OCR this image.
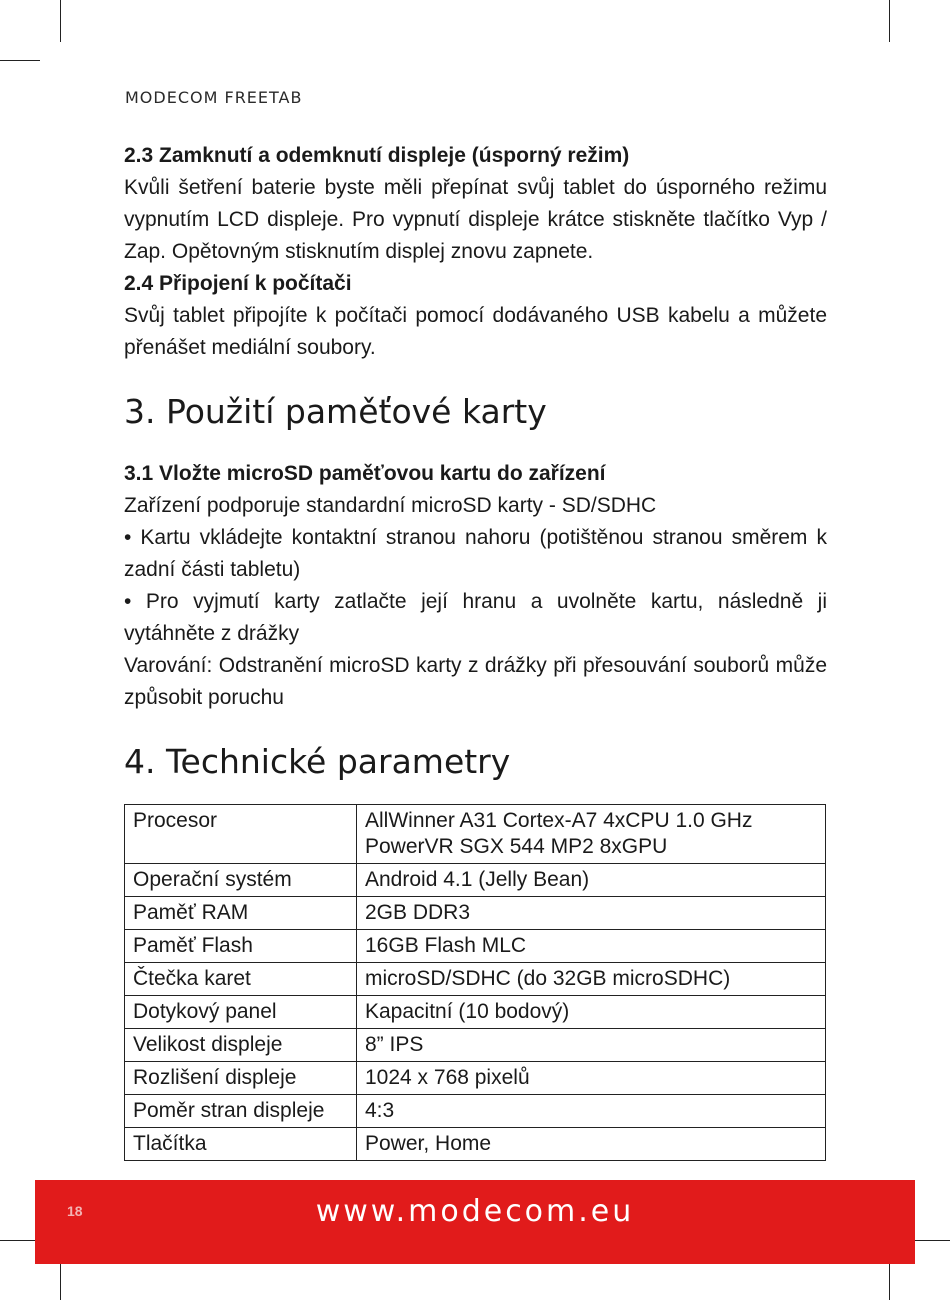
MODECOM FREETAB
2.3 Zamknutí a odemknutí displeje (úsporný režim)

Kvůli šetření baterie byste měli přepínat svůj tablet do úsporného režimu vypnutím LCD displeje. Pro vypnutí displeje krátce stiskněte tlačítko Vyp / Zap. Opětovným stisknutím displej znovu zapnete.

2.4 Připojení k počítači

Svůj tablet připojíte k počítači pomocí dodávaného USB kabelu a můžete přenášet mediální soubory.

3. Použití paměťové karty
3.1 Vložte microSD paměťovou kartu do zařízení

Zařízení podporuje standardní microSD karty - SD/SDHC

• Kartu vkládejte kontaktní stranou nahoru (potištěnou stranou směrem k zadní části tabletu)

• Pro vyjmutí karty zatlačte její hranu a uvolněte kartu, následně ji vytáhněte z drážky

Varování: Odstranění microSD karty z drážky při přesouvání souborů může způsobit poruchu

4. Technické parametry
Procesor	AllWinner A31 Cortex-A7 4xCPU 1.0 GHz
PowerVR SGX 544 MP2 8xGPU
Operační systém	Android 4.1 (Jelly Bean)
Paměť RAM	2GB DDR3
Paměť Flash	16GB Flash MLC
Čtečka karet	microSD/SDHC (do 32GB microSDHC)
Dotykový panel	Kapacitní (10 bodový)
Velikost displeje	8” IPS
Rozlišení displeje	1024 x 768 pixelů
Poměr stran displeje	4:3
Tlačítka	Power, Home
18	www.modecom.eu
